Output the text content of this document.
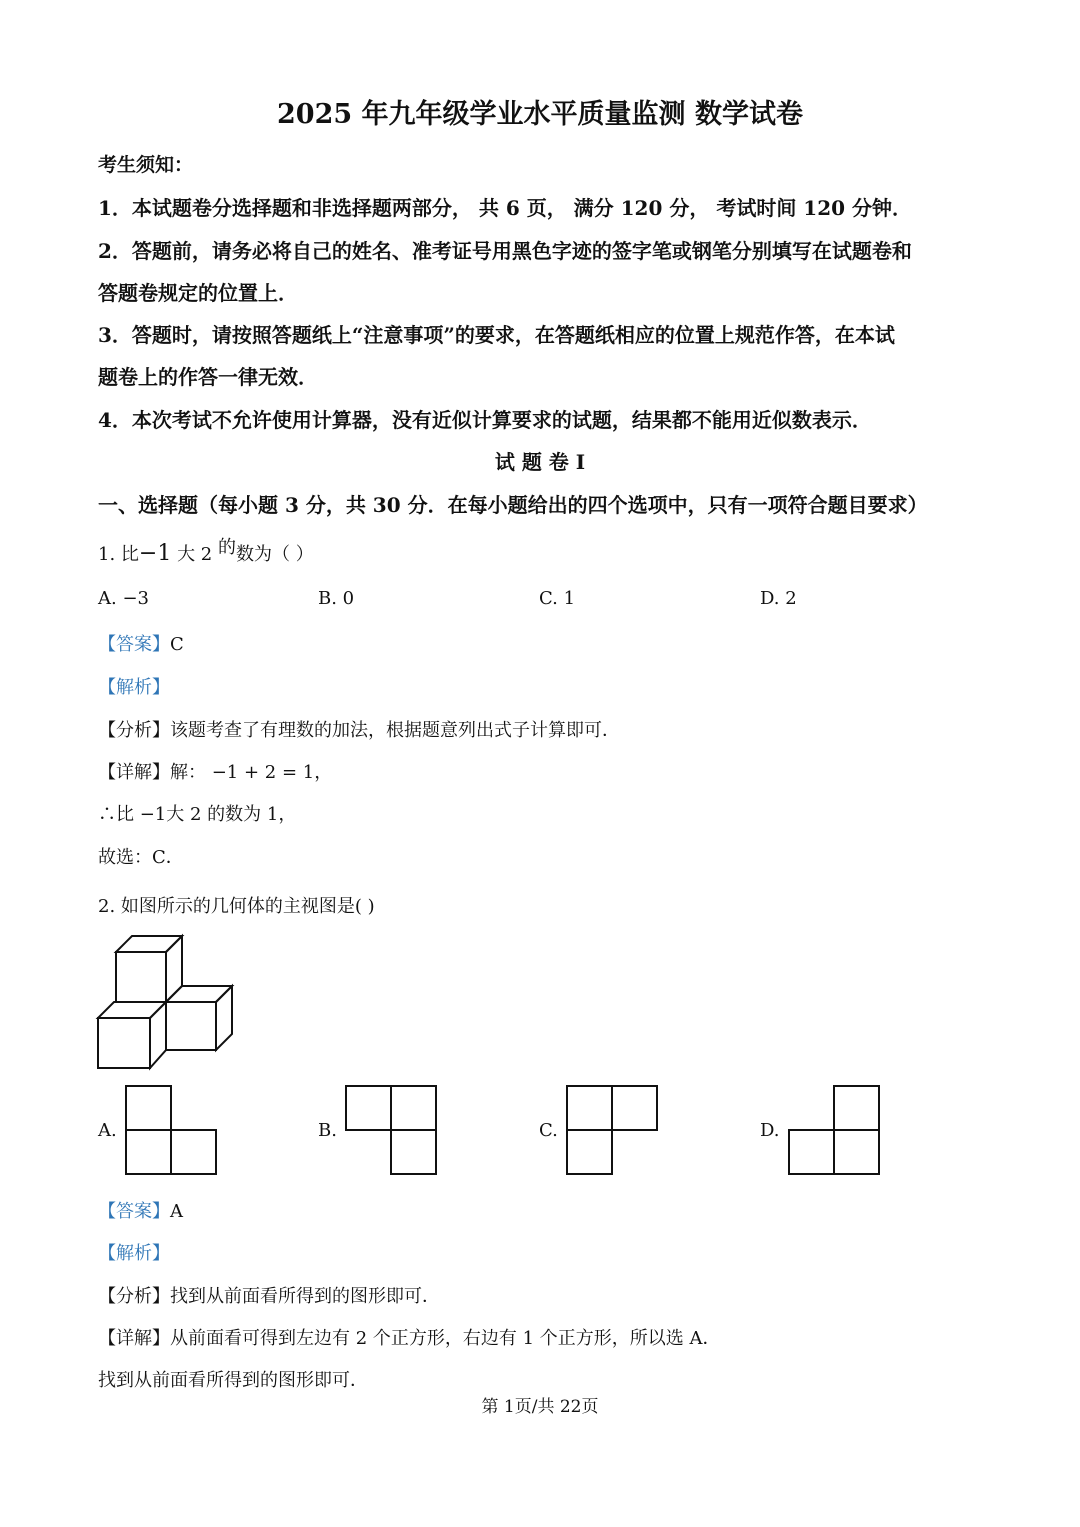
2025 年九年级学业水平质量监测 数学试卷
考生须知：
1．本试题卷分选择题和非选择题两部分， 共 6 页， 满分 120 分， 考试时间 120 分钟．
2．答题前，请务必将自己的姓名、准考证号用黑色字迹的签字笔或钢笔分别填写在试题卷和
答题卷规定的位置上．
3．答题时，请按照答题纸上“注意事项”的要求，在答题纸相应的位置上规范作答，在本试
题卷上的作答一律无效．
4．本次考试不允许使用计算器，没有近似计算要求的试题，结果都不能用近似数表示．
试 题 卷 I
一、选择题（每小题 3 分，共 30 分．在每小题给出的四个选项中，只有一项符合题目要求）
1. 比−1 大 2 的数为（ ）
A. −3	B. 0	C. 1	D. 2
【答案】C
【解析】
【分析】该题考查了有理数的加法，根据题意列出式子计算即可．
【详解】解： −1 + 2 = 1，
∴比 −1大 2 的数为 1，
故选：C．
2. 如图所示的几何体的主视图是( )
A.	B.	C.	D.
【答案】A
【解析】
【分析】找到从前面看所得到的图形即可．
【详解】从前面看可得到左边有 2 个正方形，右边有 1 个正方形，所以选 A．
找到从前面看所得到的图形即可．
第 1页/共 22页
